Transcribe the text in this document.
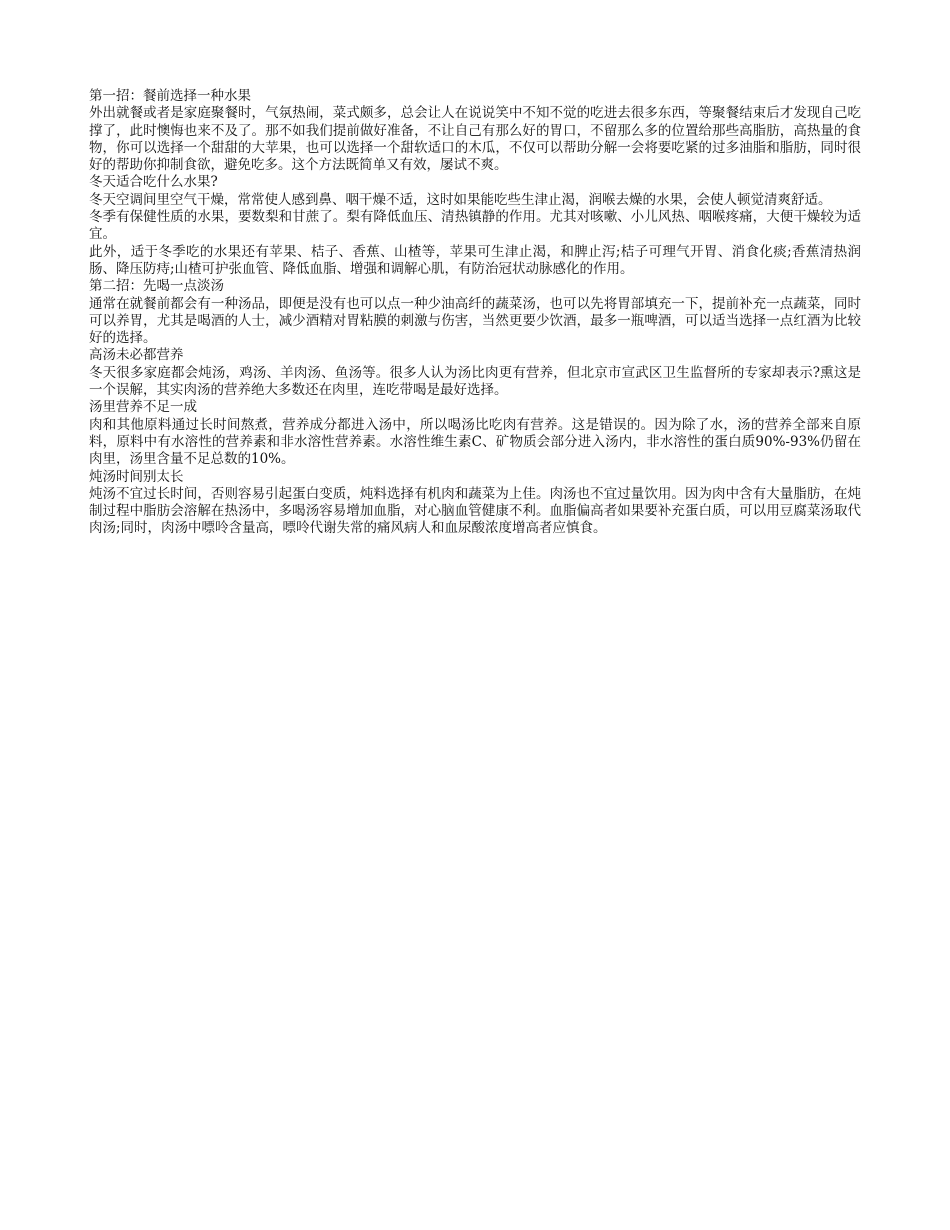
第一招：餐前选择一种水果

外出就餐或者是家庭聚餐时，气氛热闹，菜式颇多，总会让人在说说笑中不知不觉的吃进去很多东西，等聚餐结束后才发现自己吃撑了，此时懊悔也来不及了。那不如我们提前做好准备，不让自己有那么好的胃口，不留那么多的位置给那些高脂肪，高热量的食物，你可以选择一个甜甜的大苹果，也可以选择一个甜软适口的木瓜，不仅可以帮助分解一会将要吃紧的过多油脂和脂肪，同时很好的帮助你抑制食欲，避免吃多。这个方法既简单又有效，屡试不爽。

冬天适合吃什么水果?

冬天空调间里空气干燥，常常使人感到鼻、咽干燥不适，这时如果能吃些生津止渴，润喉去燥的水果，会使人顿觉清爽舒适。

冬季有保健性质的水果，要数梨和甘蔗了。梨有降低血压、清热镇静的作用。尤其对咳嗽、小儿风热、咽喉疼痛，大便干燥较为适宜。

此外，适于冬季吃的水果还有苹果、桔子、香蕉、山楂等，苹果可生津止渴，和脾止泻;桔子可理气开胃、消食化痰;香蕉清热润肠、降压防痔;山楂可护张血管、降低血脂、增强和调解心肌，有防治冠状动脉感化的作用。

第二招：先喝一点淡汤

通常在就餐前都会有一种汤品，即便是没有也可以点一种少油高纤的蔬菜汤，也可以先将胃部填充一下，提前补充一点蔬菜，同时可以养胃，尤其是喝酒的人士，减少酒精对胃粘膜的刺激与伤害，当然更要少饮酒，最多一瓶啤酒，可以适当选择一点红酒为比较好的选择。

高汤未必都营养

冬天很多家庭都会炖汤，鸡汤、羊肉汤、鱼汤等。很多人认为汤比肉更有营养，但北京市宣武区卫生监督所的专家却表示?熏这是一个误解，其实肉汤的营养绝大多数还在肉里，连吃带喝是最好选择。

汤里营养不足一成

肉和其他原料通过长时间熬煮，营养成分都进入汤中，所以喝汤比吃肉有营养。这是错误的。因为除了水，汤的营养全部来自原料，原料中有水溶性的营养素和非水溶性营养素。水溶性维生素C、矿物质会部分进入汤内，非水溶性的蛋白质90%-93%仍留在肉里，汤里含量不足总数的10%。

炖汤时间别太长

炖汤不宜过长时间，否则容易引起蛋白变质，炖料选择有机肉和蔬菜为上佳。肉汤也不宜过量饮用。因为肉中含有大量脂肪，在炖制过程中脂肪会溶解在热汤中，多喝汤容易增加血脂，对心脑血管健康不利。血脂偏高者如果要补充蛋白质，可以用豆腐菜汤取代肉汤;同时，肉汤中嘌呤含量高，嘌呤代谢失常的痛风病人和血尿酸浓度增高者应慎食。
